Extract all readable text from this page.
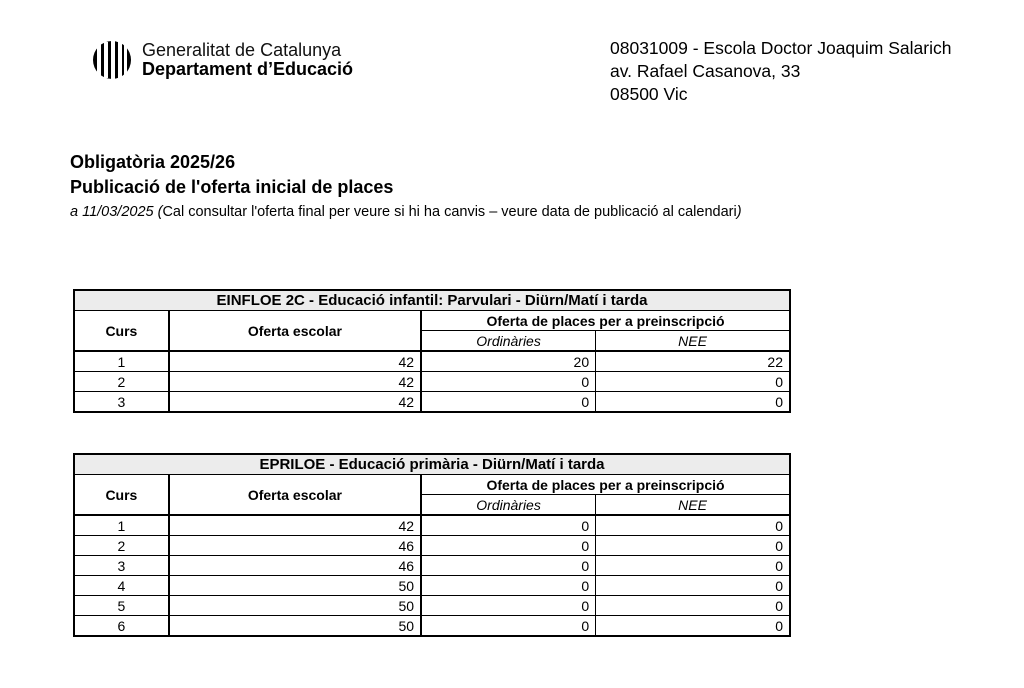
Generalitat de Catalunya
Departament d’Educació
08031009 - Escola Doctor Joaquim Salarich
av. Rafael Casanova, 33
08500 Vic
Obligatòria 2025/26
Publicació de l'oferta inicial de places
a 11/03/2025 (Cal consultar l'oferta final per veure si hi ha canvis – veure data de publicació al calendari)
EINFLOE 2C - Educació infantil: Parvulari - Diürn/Matí i tarda			
Curs	Oferta escolar	Oferta de places per a preinscripció	
		Ordinàries	NEE
1	42	20	22
2	42	0	0
3	42	0	0
EPRILOE - Educació primària - Diürn/Matí i tarda			
Curs	Oferta escolar	Oferta de places per a preinscripció	
		Ordinàries	NEE
1	42	0	0
2	46	0	0
3	46	0	0
4	50	0	0
5	50	0	0
6	50	0	0
